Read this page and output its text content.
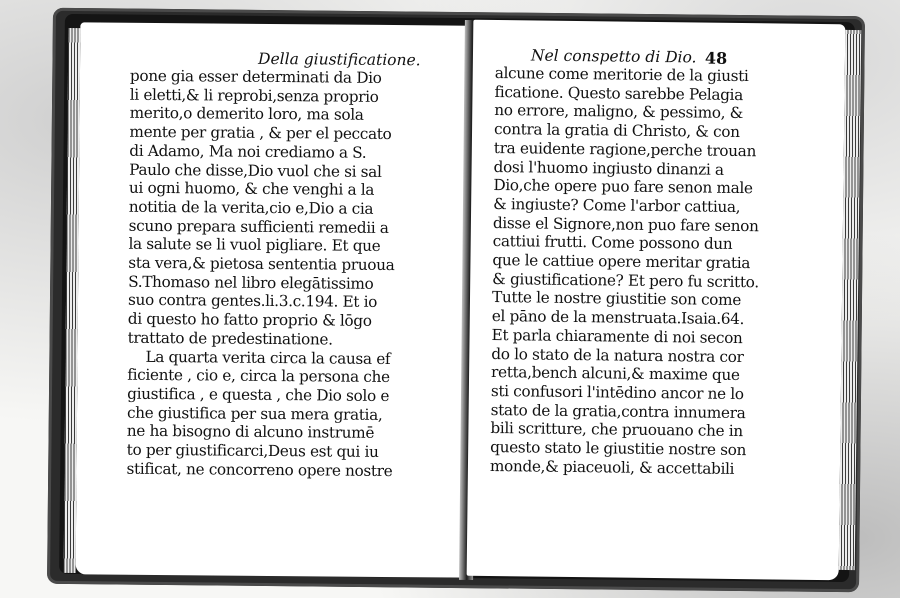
Della giustificatione.
pone gia esser determinati da Dio
li eletti,& li reprobi,senza proprio
merito,o demerito loro, ma sola
mente per gratia , & per el peccato
di Adamo, Ma noi crediamo a S.
Paulo che disse,Dio vuol che si sal
ui ogni huomo, & che venghi a la
notitia de la verita,cio e,Dio a cia
scuno prepara sufficienti remedii a
la salute se li vuol pigliare. Et que
sta vera,& pietosa sententia pruoua
S.Thomaso nel libro elegātissimo
suo contra gentes.li.3.c.194. Et io
di questo ho fatto proprio & lōgo
trattato de predestinatione.
La quarta verita circa la causa ef
ficiente , cio e, circa la persona che
giustifica , e questa , che Dio solo e
che giustifica per sua mera gratia,
ne ha bisogno di alcuno instrumē
to per giustificarci,Deus est qui iu
stificat, ne concorreno opere nostre
Nel conspetto di Dio. 48
alcune come meritorie de la giusti
ficatione. Questo sarebbe Pelagia
no errore, maligno, & pessimo, &
contra la gratia di Christo, & con
tra euidente ragione,perche trouan
dosi l'huomo ingiusto dinanzi a
Dio,che opere puo fare senon male
& ingiuste? Come l'arbor cattiua,
disse el Signore,non puo fare senon
cattiui frutti. Come possono dun
que le cattiue opere meritar gratia
& giustificatione? Et pero fu scritto.
Tutte le nostre giustitie son come
el pāno de la menstruata.Isaia.64.
Et parla chiaramente di noi secon
do lo stato de la natura nostra cor
retta,bench alcuni,& maxime que
sti confusori l'intēdino ancor ne lo
stato de la gratia,contra innumera
bili scritture, che pruouano che in
questo stato le giustitie nostre son
monde,& piaceuoli, & accettabili
